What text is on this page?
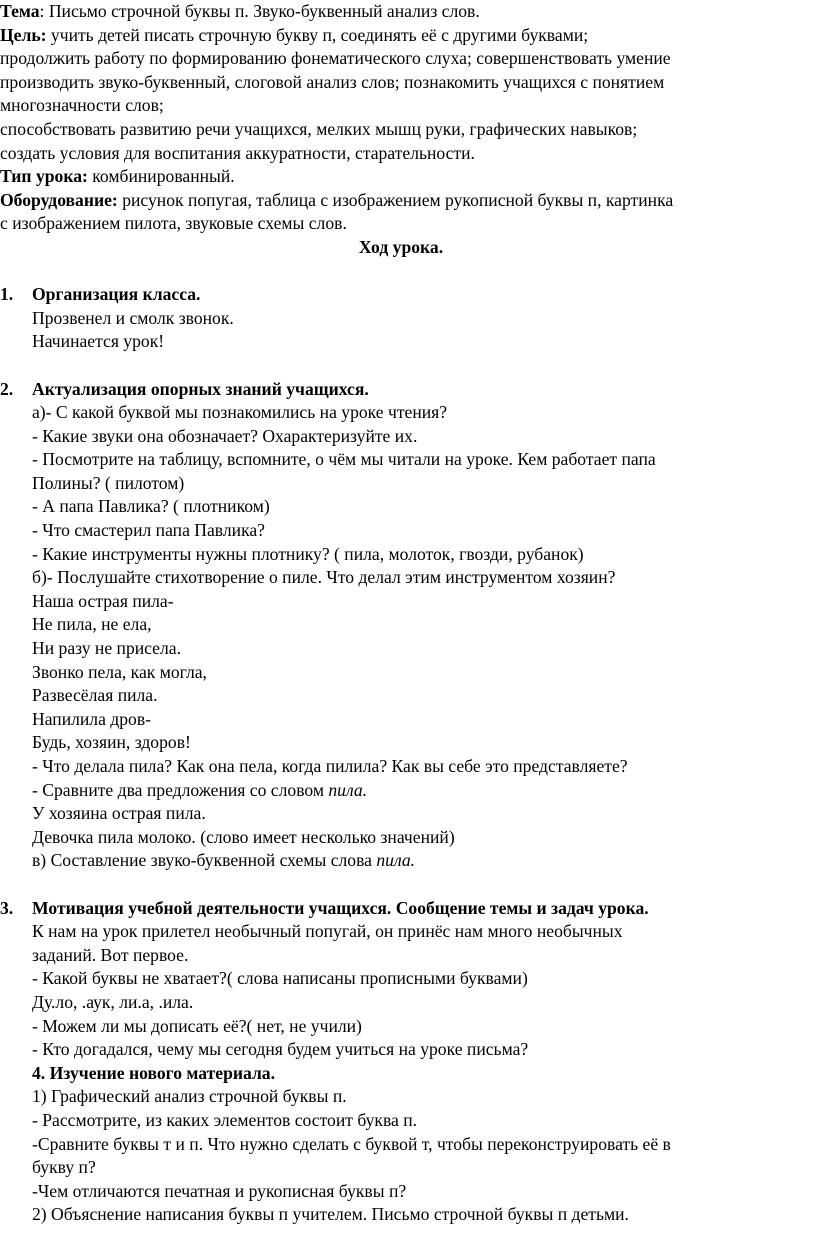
Тема: Письмо строчной буквы п. Звуко-буквенный анализ слов.
Цель: учить детей писать строчную букву п, соединять её с другими буквами;
продолжить работу по формированию фонематического слуха; совершенствовать умение
производить звуко-буквенный, слоговой анализ слов; познакомить учащихся с понятием
многозначности слов;
способствовать развитию речи учащихся, мелких мышц руки, графических навыков;
создать условия для воспитания аккуратности, старательности.
Тип урока: комбинированный.
Оборудование: рисунок попугая, таблица с изображением рукописной буквы п, картинка
с изображением пилота, звуковые схемы слов.
Ход урока.
1. Организация класса.
Прозвенел и смолк звонок.
Начинается урок!
2. Актуализация опорных знаний учащихся.
а)- С какой буквой мы познакомились на уроке чтения?
- Какие звуки она обозначает? Охарактеризуйте их.
- Посмотрите на таблицу, вспомните, о чём мы читали на уроке. Кем работает папа
Полины? ( пилотом)
- А папа Павлика? ( плотником)
- Что смастерил папа Павлика?
- Какие инструменты нужны плотнику? ( пила, молоток, гвозди, рубанок)
б)- Послушайте стихотворение о пиле. Что делал этим инструментом хозяин?
Наша острая пила-
Не пила, не ела,
Ни разу не присела.
Звонко пела, как могла,
Развесёлая пила.
Напилила дров-
Будь, хозяин, здоров!
- Что делала пила? Как она пела, когда пилила? Как вы себе это представляете?
- Сравните два предложения со словом пила.
У хозяина острая пила.
Девочка пила молоко. (слово имеет несколько значений)
в) Составление звуко-буквенной схемы слова пила.
3. Мотивация учебной деятельности учащихся. Сообщение темы и задач урока.
К нам на урок прилетел необычный попугай, он принёс нам много необычных
заданий. Вот первое.
- Какой буквы не хватает?( слова написаны прописными буквами)
Ду.ло, .аук, ли.а, .ила.
- Можем ли мы дописать её?( нет, не учили)
- Кто догадался, чему мы сегодня будем учиться на уроке письма?
4. Изучение нового материала.
1) Графический анализ строчной буквы п.
- Рассмотрите, из каких элементов состоит буква п.
-Сравните буквы т и п. Что нужно сделать с буквой т, чтобы переконструировать её в
букву п?
-Чем отличаются печатная и рукописная буквы п?
2) Объяснение написания буквы п учителем. Письмо строчной буквы п детьми.
